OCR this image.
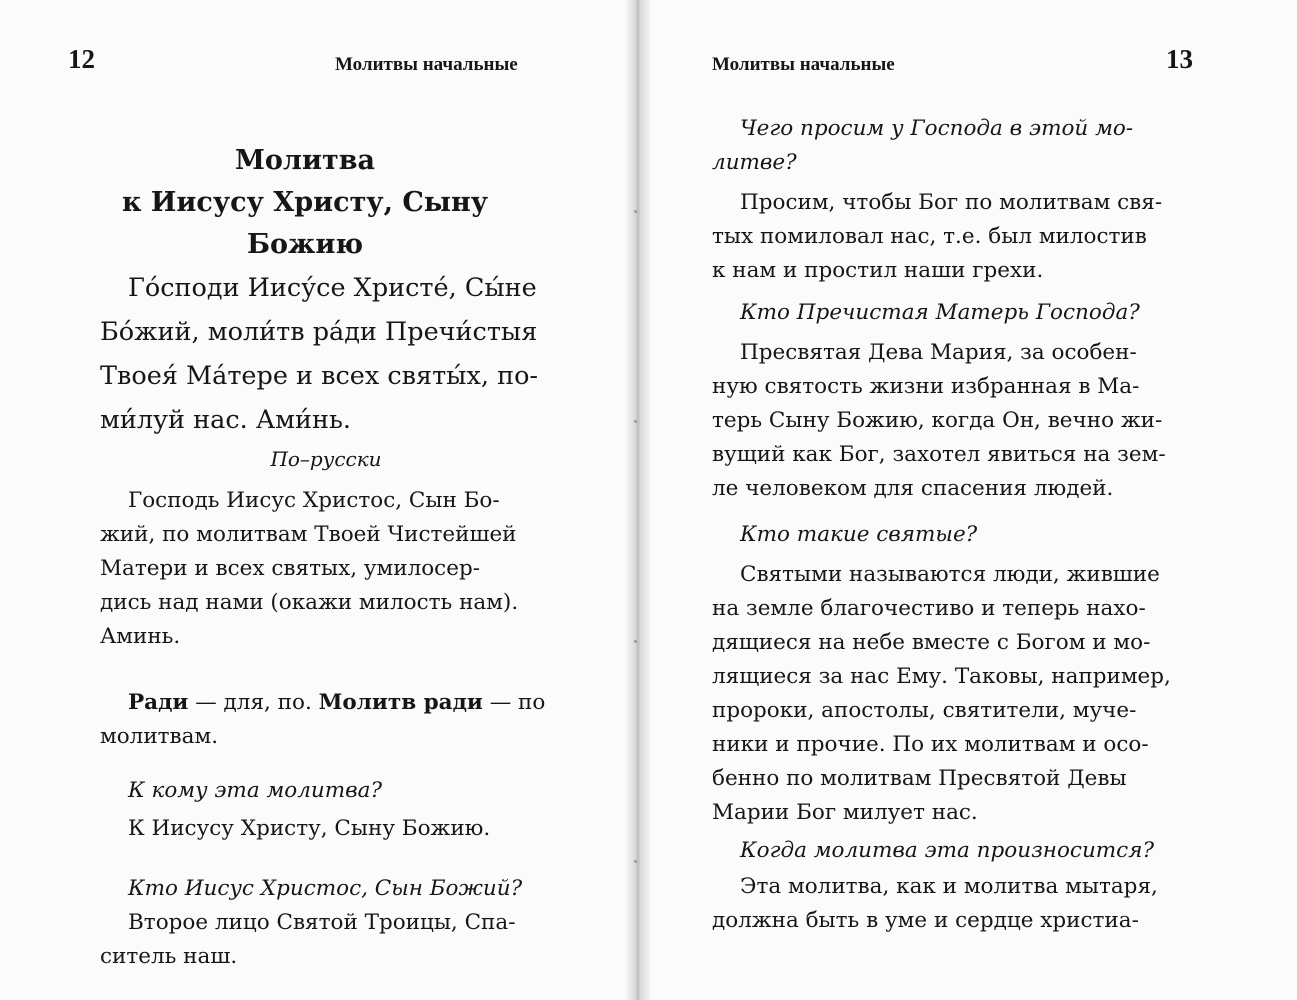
12	Молитвы начальные
Молитва
к Иисусу Христу, Сыну
Божию
Го́споди Иису́се Христе́, Сы́не
Бо́жий, моли́тв ра́ди Пречи́стыя
Твоея́ Ма́тере и всех святы́х, по-
ми́луй нас. Ами́нь.
По–русски
Господь Иисус Христос, Сын Бо-
жий, по молитвам Твоей Чистейшей
Матери и всех святых, умилосер-
дись над нами (окажи милость нам).
Аминь.
Ради — для, по. Молитв ради — по
молитвам.
К кому эта молитва?
К Иисусу Христу, Сыну Божию.
Кто Иисус Христос, Сын Божий?
Второе лицо Святой Троицы, Спа-
ситель наш.
Молитвы начальные	13
Чего просим у Господа в этой мо-
литве?
Просим, чтобы Бог по молитвам свя-
тых помиловал нас, т.е. был милостив
к нам и простил наши грехи.
Кто Пречистая Матерь Господа?
Пресвятая Дева Мария, за особен-
ную святость жизни избранная в Ма-
терь Сыну Божию, когда Он, вечно жи-
вущий как Бог, захотел явиться на зем-
ле человеком для спасения людей.
Кто такие святые?
Святыми называются люди, жившие
на земле благочестиво и теперь нахо-
дящиеся на небе вместе с Богом и мо-
лящиеся за нас Ему. Таковы, например,
пророки, апостолы, святители, муче-
ники и прочие. По их молитвам и осо-
бенно по молитвам Пресвятой Девы
Марии Бог милует нас.
Когда молитва эта произносится?
Эта молитва, как и молитва мытаря,
должна быть в уме и сердце христиа-
